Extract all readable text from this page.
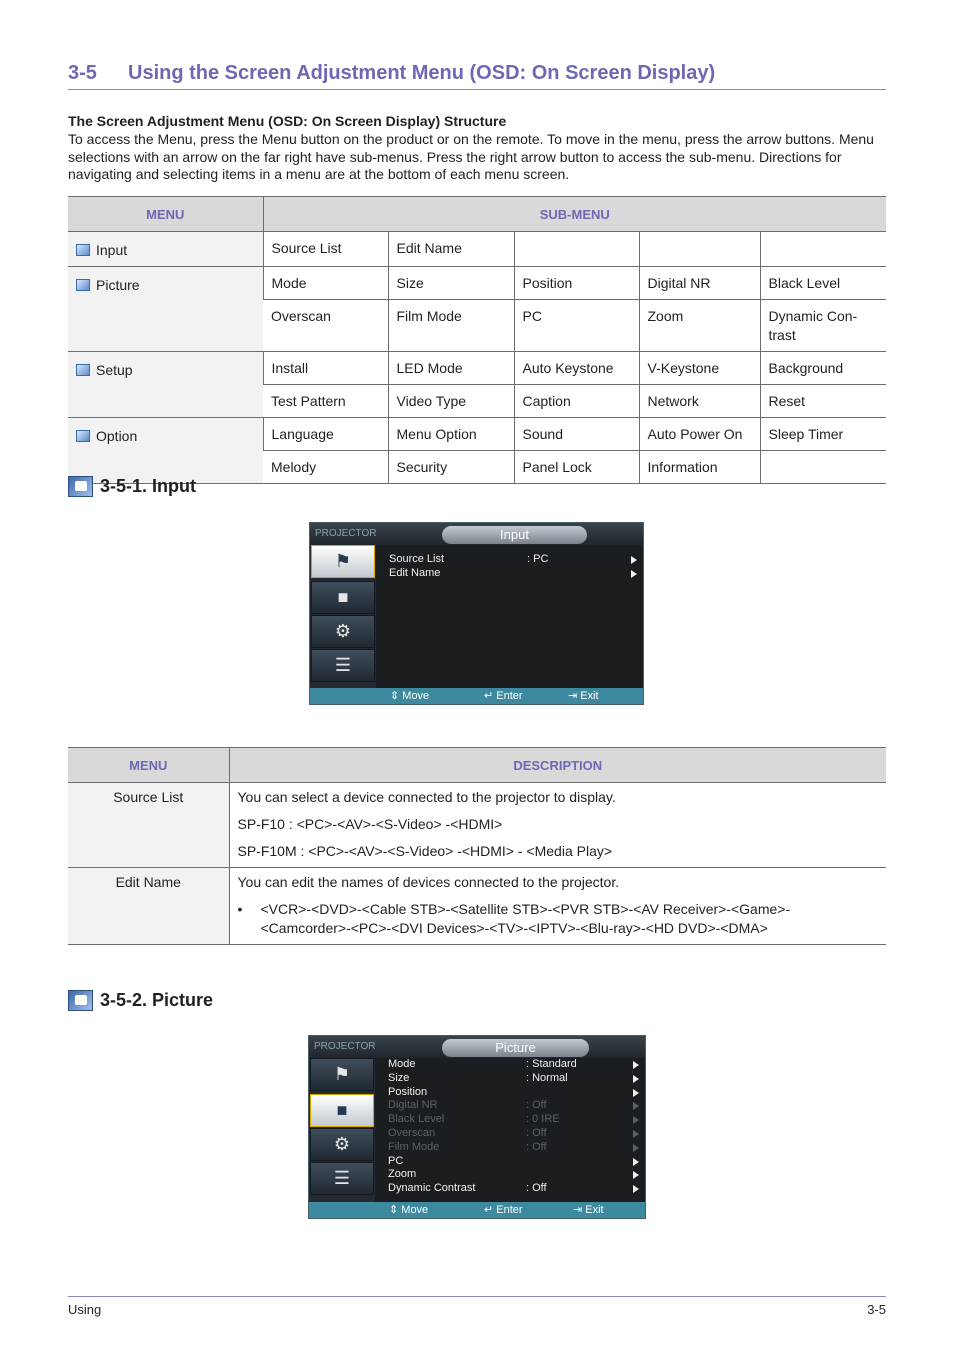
3-5 Using the Screen Adjustment Menu (OSD: On Screen Display)
The Screen Adjustment Menu (OSD: On Screen Display) Structure
To access the Menu, press the Menu button on the product or on the remote. To move in the menu, press the arrow buttons. Menu selections with an arrow on the far right have sub-menus. Press the right arrow button to access the sub-menu. Directions for navigating and selecting items in a menu are at the bottom of each menu screen.
MENU	SUB-MENU				
Input	Source List	Edit Name			
Picture	Mode	Size	Position	Digital NR	Black Level
	Overscan	Film Mode	PC	Zoom	Dynamic Con-
trast
Setup	Install	LED Mode	Auto Keystone	V-Keystone	Background
	Test Pattern	Video Type	Caption	Network	Reset
Option	Language	Menu Option	Sound	Auto Power On	Sleep Timer
	Melody	Security	Panel Lock	Information	
3-5-1. Input
PROJECTOR	Input
⚑
■
⚙
☰
Source List	: PC
Edit Name
⇕ Move	↵ Enter	⇥ Exit
MENU	DESCRIPTION
Source List	You can select a device connected to the projector to display.

SP-F10 : <PC>-<AV>-<S-Video> -<HDMI>

SP-F10M : <PC>-<AV>-<S-Video> -<HDMI> - <Media Play>

Edit Name	You can edit the names of devices connected to the projector.

• <VCR>-<DVD>-<Cable STB>-<Satellite STB>-<PVR STB>-<AV Receiver>-<Game>-<Camcorder>-<PC>-<DVI Devices>-<TV>-<IPTV>-<Blu-ray>-<HD DVD>-<DMA>

3-5-2. Picture
PROJECTOR	Picture
⚑
■
⚙
☰
Mode	: Standard
Size	: Normal
Position
Digital NR	: Off
Black Level	: 0 IRE
Overscan	: Off
Film Mode	: Off
PC
Zoom
Dynamic Contrast	: Off
⇕ Move	↵ Enter	⇥ Exit
Using	3-5
